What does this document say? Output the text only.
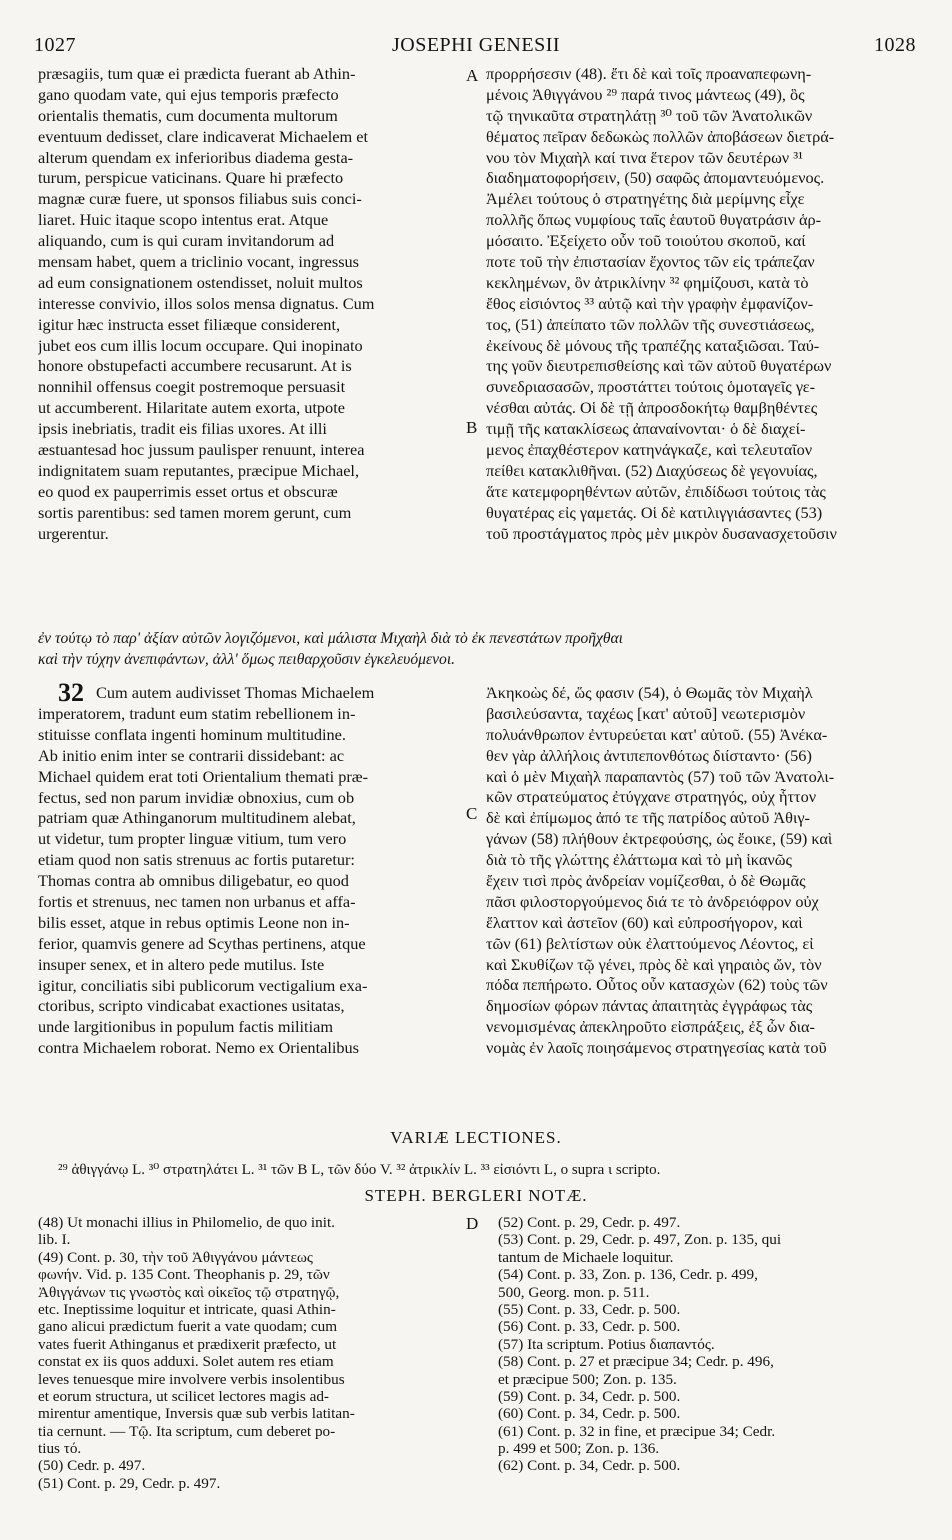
1027	JOSEPHI GENESII	1028
præsagiis, tum quæ ei prædicta fuerant ab Athin-
gano quodam vate, qui ejus temporis præfecto
orientalis thematis, cum documenta multorum
eventuum dedisset, clare indicaverat Michaelem et
alterum quendam ex inferioribus diadema gesta-
turum, perspicue vaticinans. Quare hi præfecto
magnæ curæ fuere, ut sponsos filiabus suis conci-
liaret. Huic itaque scopo intentus erat. Atque
aliquando, cum is qui curam invitandorum ad
mensam habet, quem a triclinio vocant, ingressus
ad eum consignationem ostendisset, noluit multos
interesse convivio, illos solos mensa dignatus. Cum
igitur hæc instructa esset filiæque considerent,
jubet eos cum illis locum occupare. Qui inopinato
honore obstupefacti accumbere recusarunt. At is
nonnihil offensus coegit postremoque persuasit
ut accumberent. Hilaritate autem exorta, utpote
ipsis inebriatis, tradit eis filias uxores. At illi
æstuantesad hoc jussum paulisper renuunt, interea
indignitatem suam reputantes, præcipue Michael,
eo quod ex pauperrimis esset ortus et obscuræ
sortis parentibus: sed tamen morem gerunt, cum
urgerentur.
προρρήσεσιν (48). ἔτι δὲ καὶ τοῖς προαναπεφωνη-
μένοις Ἀθιγγάνου ²⁹ παρά τινος μάντεως (49), ὃς
τῷ τηνικαῦτα στρατηλάτῃ ³⁰ τοῦ τῶν Ἀνατολικῶν
θέματος πεῖραν δεδωκὼς πολλῶν ἀποβάσεων διετρά-
νου τὸν Μιχαὴλ καί τινα ἕτερον τῶν δευτέρων ³¹
διαδηματοφορήσειν, (50) σαφῶς ἀπομαντευόμενος.
Ἀμέλει τούτους ὁ στρατηγέτης διὰ μερίμνης εἶχε
πολλῆς ὅπως νυμφίους ταῖς ἑαυτοῦ θυγατράσιν ἁρ-
μόσαιτο. Ἐξείχετο οὖν τοῦ τοιούτου σκοποῦ, καί
ποτε τοῦ τὴν ἐπιστασίαν ἔχοντος τῶν εἰς τράπεζαν
κεκλημένων, ὃν ἀτρικλίνην ³² φημίζουσι, κατὰ τὸ
ἔθος εἰσιόντος ³³ αὐτῷ καὶ τὴν γραφὴν ἐμφανίζον-
τος, (51) ἀπείπατο τῶν πολλῶν τῆς συνεστιάσεως,
ἐκείνους δὲ μόνους τῆς τραπέζης καταξιῶσαι. Ταύ-
της γοῦν διευτρεπισθείσης καὶ τῶν αὐτοῦ θυγατέρων
συνεδριασασῶν, προστάττει τούτοις ὁμοταγεῖς γε-
νέσθαι αὐτάς. Οἱ δὲ τῇ ἀπροσδοκήτῳ θαμβηθέντες
τιμῇ τῆς κατακλίσεως ἀπαναίνονται· ὁ δὲ διαχεί-
μενος ἐπαχθέστερον κατηνάγκαζε, καὶ τελευταῖον
πείθει κατακλιθῆναι. (52) Διαχύσεως δὲ γεγονυίας,
ἅτε κατεμφορηθέντων αὐτῶν, ἐπιδίδωσι τούτοις τὰς
θυγατέρας εἰς γαμετάς. Οἱ δὲ κατιλιγγιάσαντες (53)
τοῦ προστάγματος πρὸς μὲν μικρὸν δυσανασχετοῦσιν
ἐν τούτῳ τὸ παρ' ἀξίαν αὐτῶν λογιζόμενοι, καὶ μάλιστα Μιχαὴλ διὰ τὸ ἐκ πενεστάτων προῆχθαι
καὶ τὴν τύχην ἀνεπιφάντων, ἀλλ' ὅμως πειθαρχοῦσιν ἐγκελευόμενοι.
A
B
C
D
32 Cum autem audivisset Thomas Michaelem
imperatorem, tradunt eum statim rebellionem in-
stituisse conflata ingenti hominum multitudine.
Ab initio enim inter se contrarii dissidebant: ac
Michael quidem erat toti Orientalium themati præ-
fectus, sed non parum invidiæ obnoxius, cum ob
patriam quæ Athinganorum multitudinem alebat,
ut videtur, tum propter linguæ vitium, tum vero
etiam quod non satis strenuus ac fortis putaretur:
Thomas contra ab omnibus diligebatur, eo quod
fortis et strenuus, nec tamen non urbanus et affa-
bilis esset, atque in rebus optimis Leone non in-
ferior, quamvis genere ad Scythas pertinens, atque
insuper senex, et in altero pede mutilus. Iste
igitur, conciliatis sibi publicorum vectigalium exa-
ctoribus, scripto vindicabat exactiones usitatas,
unde largitionibus in populum factis militiam
contra Michaelem roborat. Nemo ex Orientalibus
Ἀκηκοὼς δέ, ὥς φασιν (54), ὁ Θωμᾶς τὸν Μιχαὴλ
βασιλεύσαντα, ταχέως [κατ' αὐτοῦ] νεωτερισμὸν
πολυάνθρωπον ἐντυρεύεται κατ' αὐτοῦ. (55) Ἀνέκα-
θεν γὰρ ἀλλήλοις ἀντιπεπονθότως διίσταντο· (56)
καὶ ὁ μὲν Μιχαὴλ παραπαντὸς (57) τοῦ τῶν Ἀνατολι-
κῶν στρατεύματος ἐτύγχανε στρατηγός, οὐχ ἧττον
δὲ καὶ ἐπίμωμος ἀπό τε τῆς πατρίδος αὐτοῦ Ἀθιγ-
γάνων (58) πλήθουν ἐκτρεφούσης, ὡς ἔοικε, (59) καὶ
διὰ τὸ τῆς γλώττης ἐλάττωμα καὶ τὸ μὴ ἱκανῶς
ἔχειν τισὶ πρὸς ἀνδρείαν νομίζεσθαι, ὁ δὲ Θωμᾶς
πᾶσι φιλοστοργούμενος διά τε τὸ ἀνδρειόφρον οὐχ
ἔλαττον καὶ ἀστεῖον (60) καὶ εὐπροσήγορον, καὶ
τῶν (61) βελτίστων οὐκ ἐλαττούμενος Λέοντος, εἰ
καὶ Σκυθίζων τῷ γένει, πρὸς δὲ καὶ γηραιὸς ὤν, τὸν
πόδα πεπήρωτο. Οὗτος οὖν κατασχὼν (62) τοὺς τῶν
δημοσίων φόρων πάντας ἀπαιτητὰς ἐγγράφως τὰς
νενομισμένας ἀπεκληροῦτο εἰσπράξεις, ἐξ ὧν δια-
νομὰς ἐν λαοῖς ποιησάμενος στρατηγεσίας κατὰ τοῦ
VARIÆ LECTIONES.
²⁹ ἀθιγγάνῳ L. ³⁰ στρατηλάτει L. ³¹ τῶν B L, τῶν δύο V. ³² ἀτρικλίν L. ³³ εἰσιόντι L, ο supra ι scripto.
STEPH. BERGLERI NOTÆ.
(48) Ut monachi illius in Philomelio, de quo init.
lib. I.
(49) Cont. p. 30, τὴν τοῦ Ἀθιγγάνου μάντεως
φωνήν. Vid. p. 135 Cont. Theophanis p. 29, τῶν
Ἀθιγγάνων τις γνωστὸς καὶ οἰκεῖος τῷ στρατηγῷ,
etc. Ineptissime loquitur et intricate, quasi Athin-
gano alicui prædictum fuerit a vate quodam; cum
vates fuerit Athinganus et prædixerit præfecto, ut
constat ex iis quos adduxi. Solet autem res etiam
leves tenuesque mire involvere verbis insolentibus
et eorum structura, ut scilicet lectores magis ad-
mirentur amentique, Inversis quæ sub verbis latitan-
tia cernunt. — Τῷ. Ita scriptum, cum deberet po-
tius τό.
(50) Cedr. p. 497.
(51) Cont. p. 29, Cedr. p. 497.
(52) Cont. p. 29, Cedr. p. 497.
(53) Cont. p. 29, Cedr. p. 497, Zon. p. 135, qui
tantum de Michaele loquitur.
(54) Cont. p. 33, Zon. p. 136, Cedr. p. 499,
500, Georg. mon. p. 511.
(55) Cont. p. 33, Cedr. p. 500.
(56) Cont. p. 33, Cedr. p. 500.
(57) Ita scriptum. Potius διαπαντός.
(58) Cont. p. 27 et præcipue 34; Cedr. p. 496,
et præcipue 500; Zon. p. 135.
(59) Cont. p. 34, Cedr. p. 500.
(60) Cont. p. 34, Cedr. p. 500.
(61) Cont. p. 32 in fine, et præcipue 34; Cedr.
p. 499 et 500; Zon. p. 136.
(62) Cont. p. 34, Cedr. p. 500.
